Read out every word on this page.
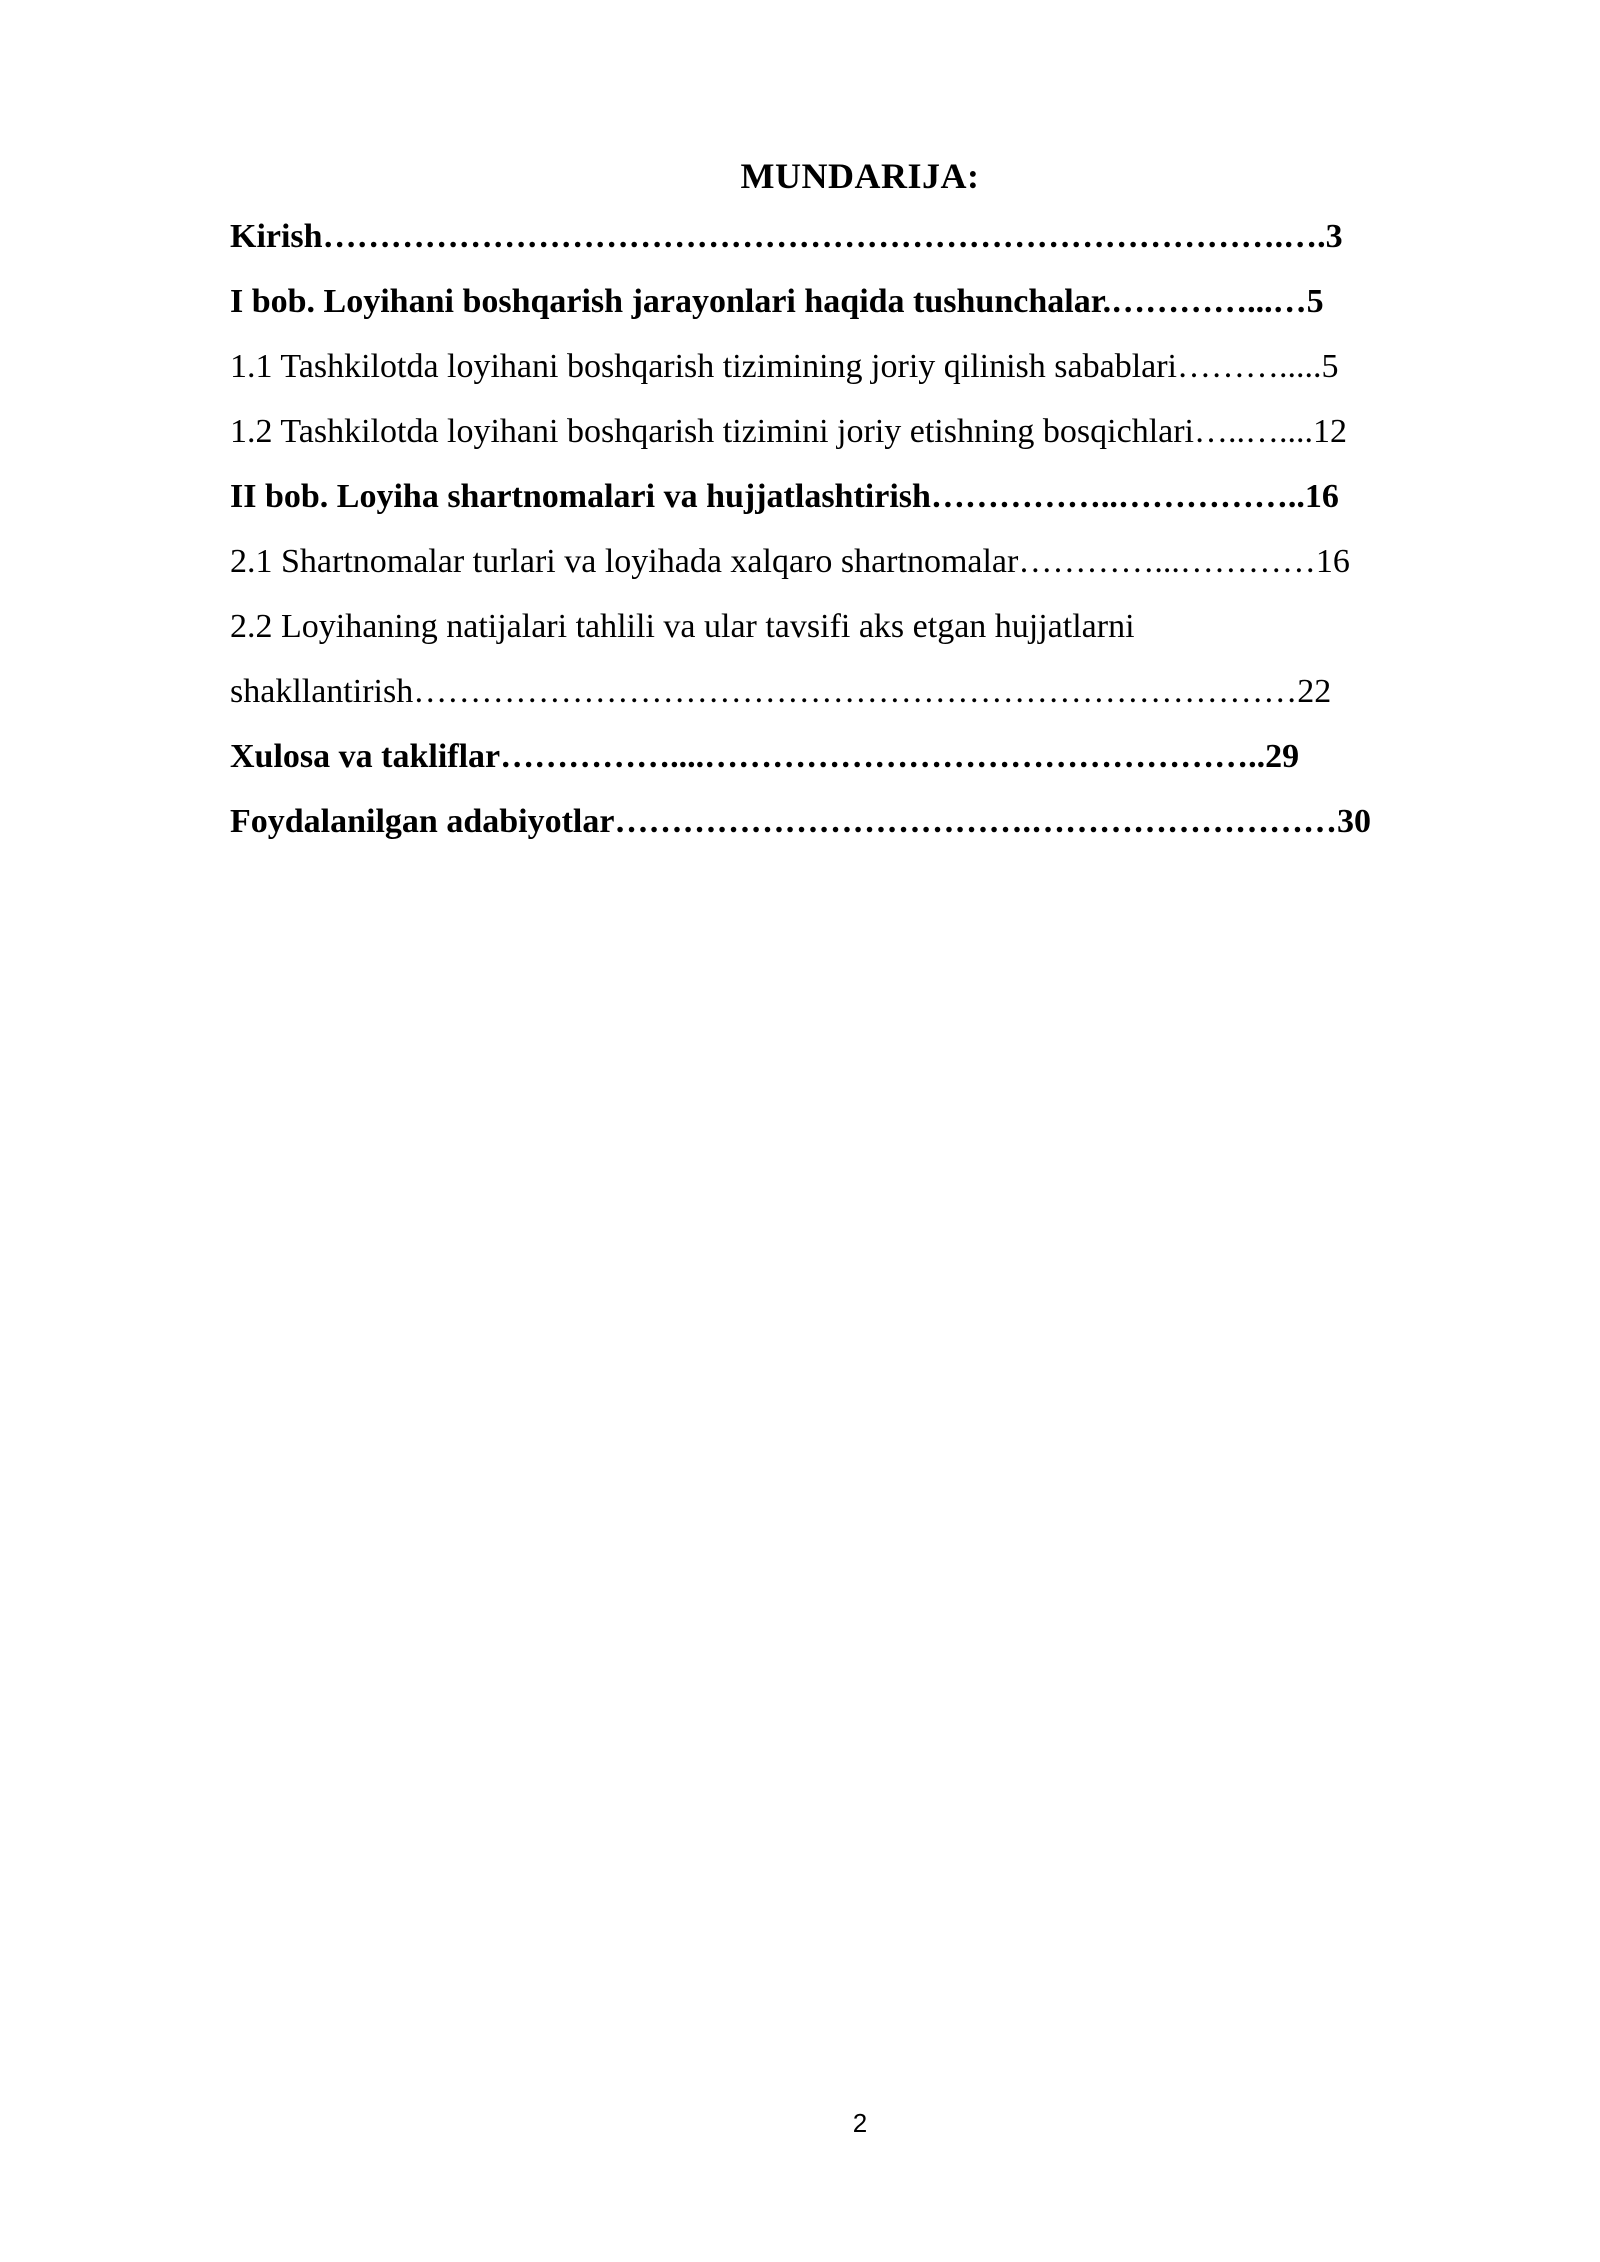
MUNDARIJA:
Kirish………………………………………………………………………….….3
I bob. Loyihani boshqarish jarayonlari haqida tushunchalar.…………...…5
1.1 Tashkilotda loyihani boshqarish tizimining joriy qilinish sabablari……….....5
1.2 Tashkilotda loyihani boshqarish tizimini joriy etishning bosqichlari…..…....12
II bob. Loyiha shartnomalari va hujjatlashtirish……………..……………..16
2.1 Shartnomalar turlari va loyihada xalqaro shartnomalar…………...…………16
2.2 Loyihaning natijalari tahlili va ular tavsifi aks etgan hujjatlarni
shakllantirish……………………………………………………………………22
Xulosa va takliflar……………....…………………………………………..29
Foydalanilgan adabiyotlar……………………………….………………………30
2
